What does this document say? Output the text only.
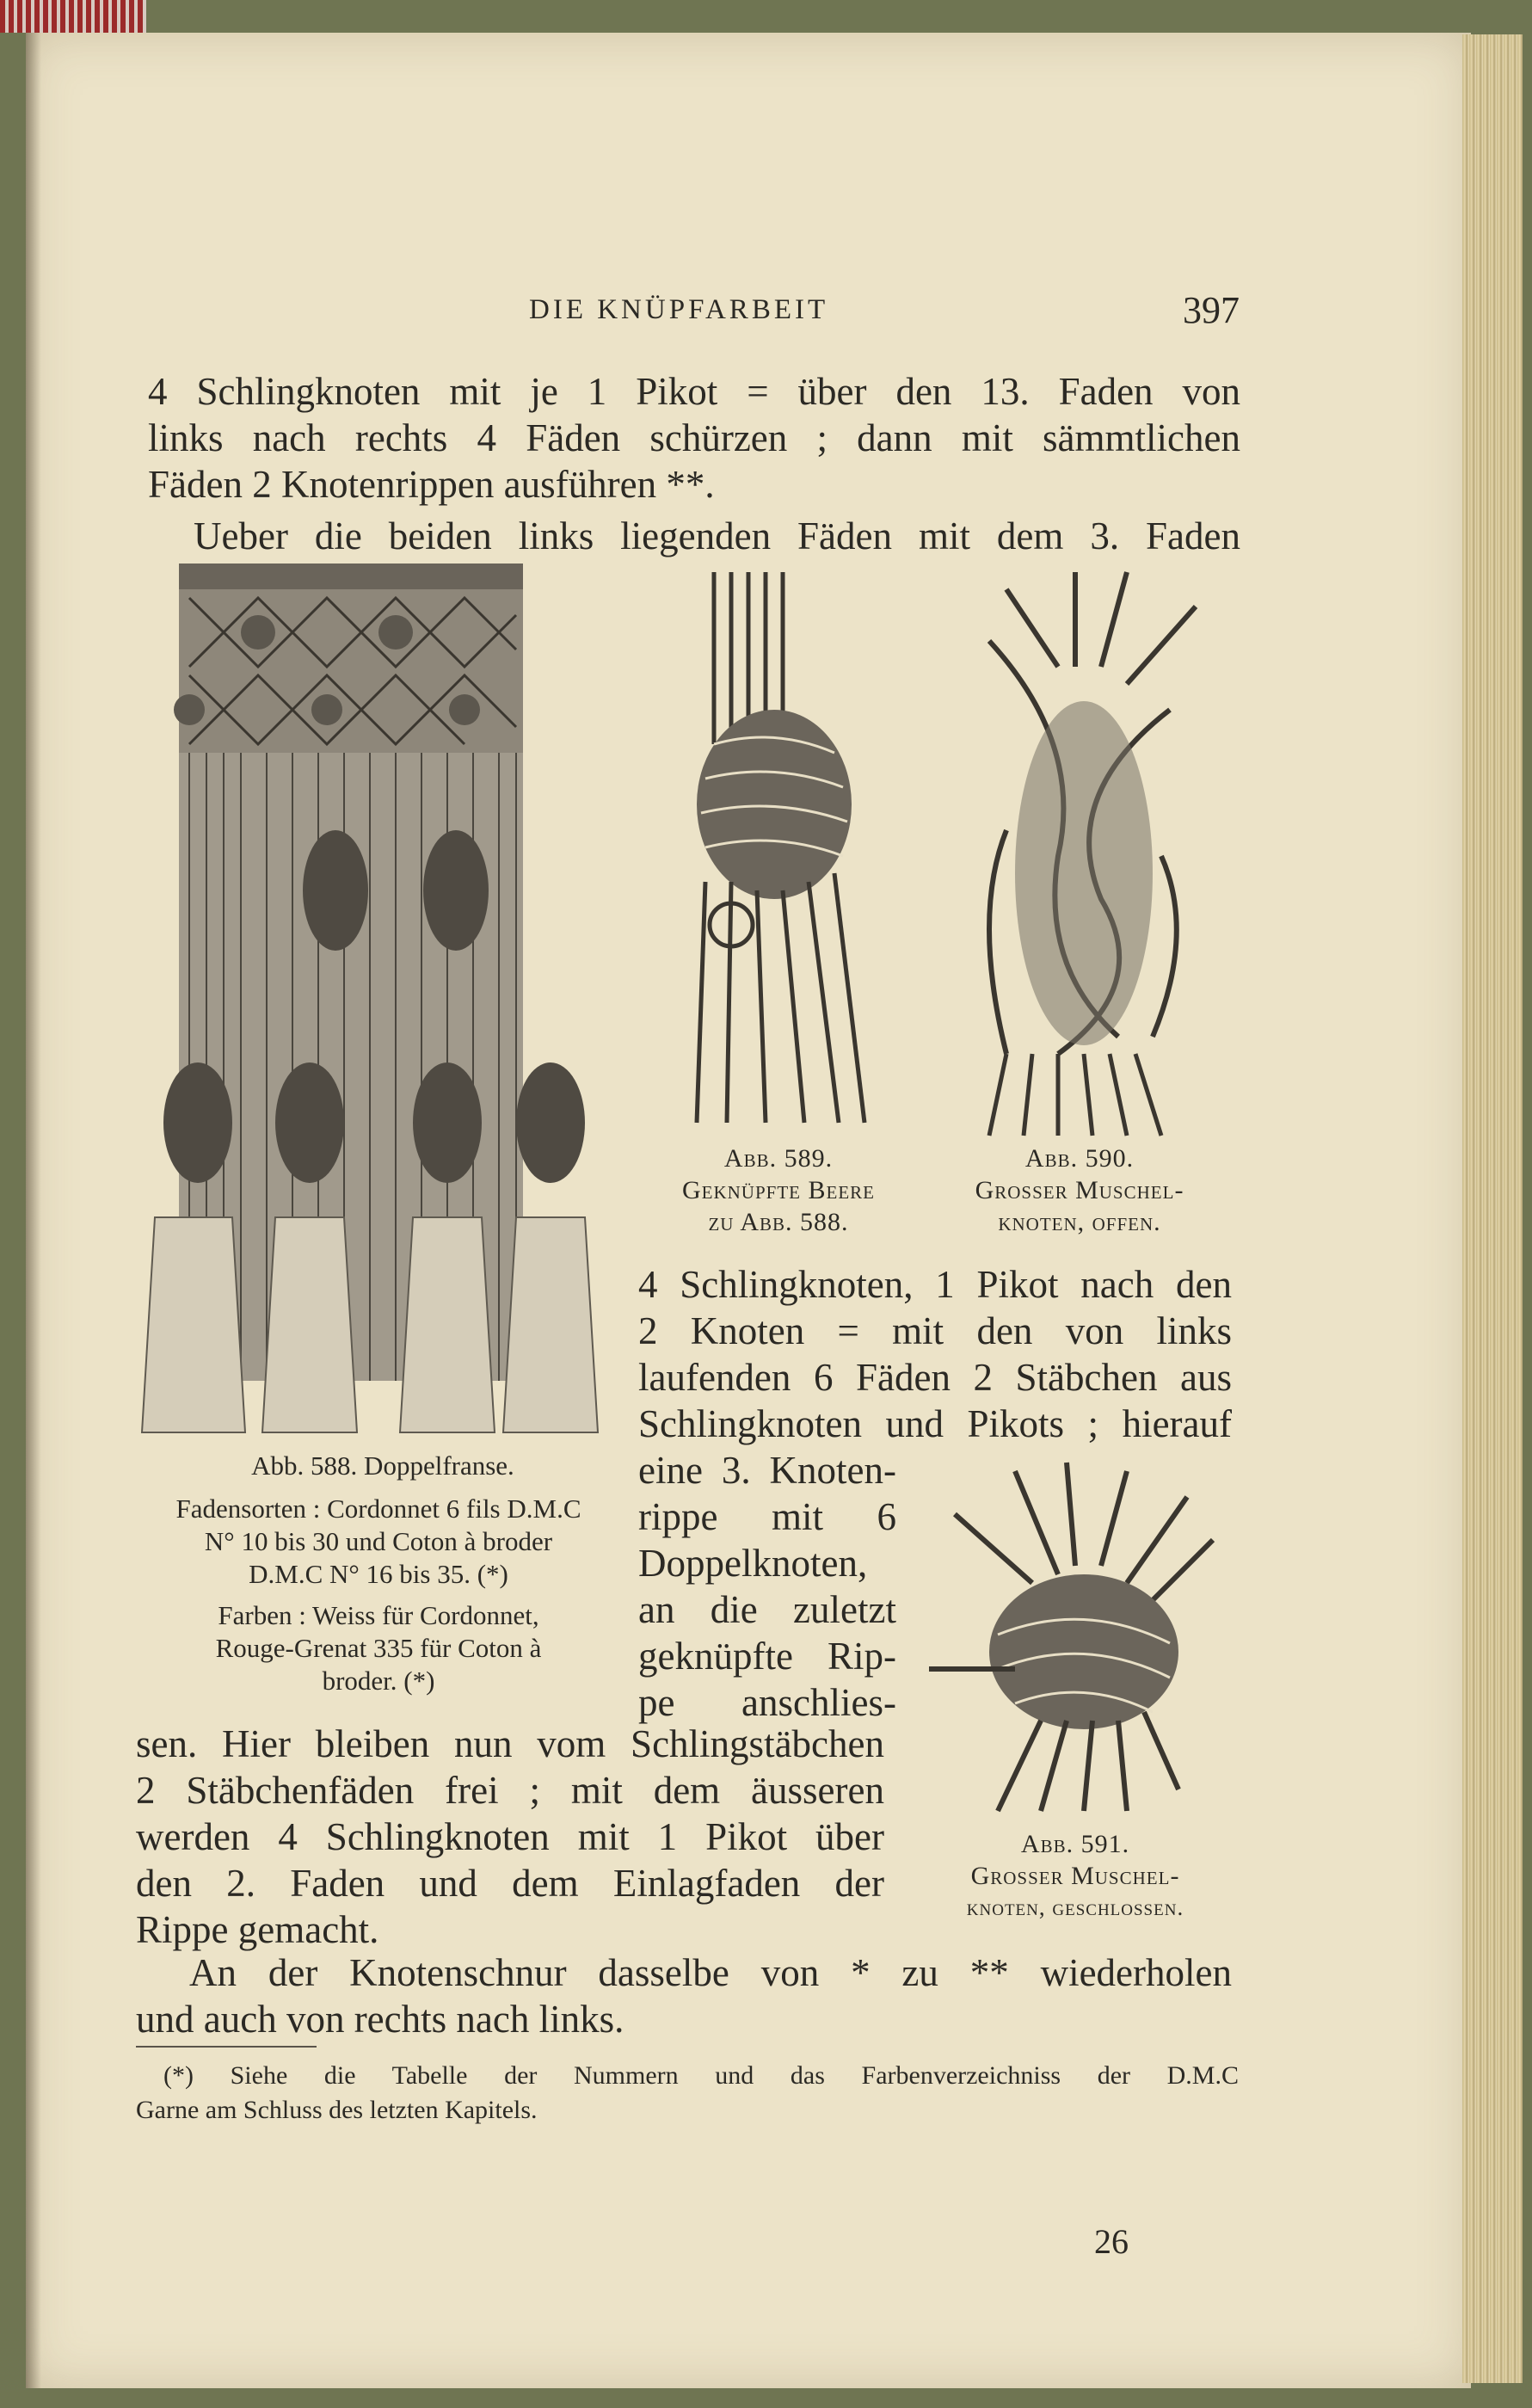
DIE KNÜPFARBEIT	397
4 Schlingknoten mit je 1 Pikot = über den 13. Faden von
links nach rechts 4 Fäden schürzen ; dann mit sämmtlichen
Fäden 2 Knotenrippen ausführen **.
Ueber die beiden links liegenden Fäden mit dem 3. Faden
Abb. 589.
Geknüpfte Beere
zu Abb. 588.
Abb. 590.
Grosser Muschel-
knoten, offen.
4 Schlingknoten, 1 Pikot nach den
2 Knoten = mit den von links
laufenden 6 Fäden 2 Stäbchen aus
Schlingknoten und Pikots ; hierauf
eine 3. Knoten-
rippe mit 6
Doppelknoten,
an die zuletzt
geknüpfte Rip-
pe anschlies-
Abb. 588. Doppelfranse.
Fadensorten : Cordonnet 6 fils D.M.C
N° 10 bis 30 und Coton à broder
D.M.C N° 16 bis 35. (*)
Farben : Weiss für Cordonnet,
Rouge-Grenat 335 für Coton à
broder. (*)
sen. Hier bleiben nun vom Schlingstäbchen
2 Stäbchenfäden frei ; mit dem äusseren
werden 4 Schlingknoten mit 1 Pikot über
den 2. Faden und dem Einlagfaden der
Rippe gemacht.
Abb. 591.
Grosser Muschel-
knoten, geschlossen.
An der Knotenschnur dasselbe von * zu ** wiederholen
und auch von rechts nach links.
(*) Siehe die Tabelle der Nummern und das Farbenverzeichniss der D.M.C
Garne am Schluss des letzten Kapitels.
26
